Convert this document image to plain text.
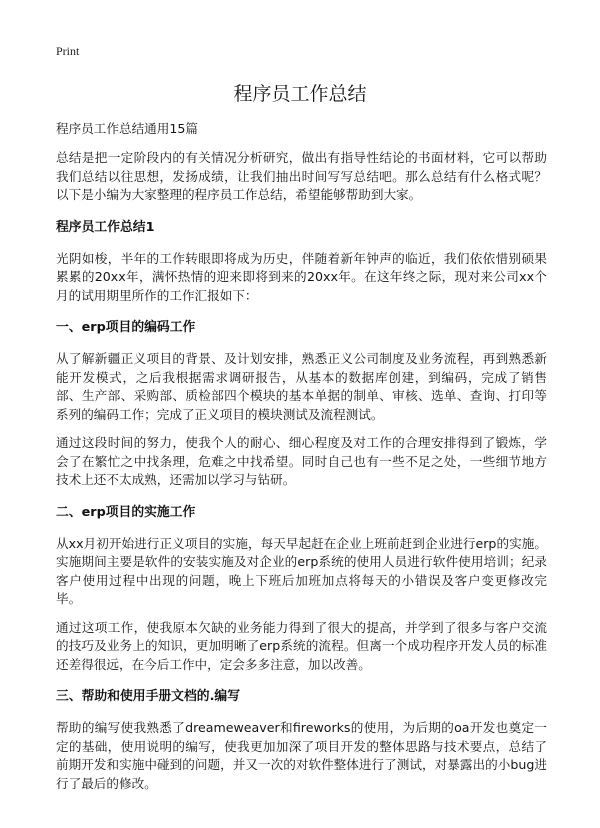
Print
程序员工作总结

程序员工作总结通用15篇

总结是把一定阶段内的有关情况分析研究，做出有指导性结论的书面材料，它可以帮助我们总结以往思想，发扬成绩，让我们抽出时间写写总结吧。那么总结有什么格式呢？以下是小编为大家整理的程序员工作总结，希望能够帮助到大家。

程序员工作总结1

光阴如梭，半年的工作转眼即将成为历史，伴随着新年钟声的临近，我们依依惜别硕果累累的20xx年，满怀热情的迎来即将到来的20xx年。在这年终之际，现对来公司xx个月的试用期里所作的工作汇报如下：

一、erp项目的编码工作

从了解新疆正义项目的背景、及计划安排，熟悉正义公司制度及业务流程，再到熟悉新能开发模式，之后我根据需求调研报告，从基本的数据库创建，到编码，完成了销售部、生产部、采购部、质检部四个模块的基本单据的制单、审核、选单、查询、打印等系列的编码工作；完成了正义项目的模块测试及流程测试。

通过这段时间的努力，使我个人的耐心、细心程度及对工作的合理安排得到了锻炼，学会了在繁忙之中找条理，危难之中找希望。同时自己也有一些不足之处，一些细节地方技术上还不太成熟，还需加以学习与钻研。

二、erp项目的实施工作

从xx月初开始进行正义项目的实施，每天早起赶在企业上班前赶到企业进行erp的实施。实施期间主要是软件的安装实施及对企业的erp系统的使用人员进行软件使用培训；纪录客户使用过程中出现的问题，晚上下班后加班加点将每天的小错误及客户变更修改完毕。

通过这项工作，使我原本欠缺的业务能力得到了很大的提高，并学到了很多与客户交流的技巧及业务上的知识，更加明晰了erp系统的流程。但离一个成功程序开发人员的标准还差得很远，在今后工作中，定会多多注意，加以改善。

三、帮助和使用手册文档的.编写

帮助的编写使我熟悉了dreameweaver和fireworks的使用，为后期的oa开发也奠定一定的基础，使用说明的编写，使我更加加深了项目开发的整体思路与技术要点，总结了前期开发和实施中碰到的问题，并又一次的对软件整体进行了测试，对暴露出的小bug进行了最后的修改。
